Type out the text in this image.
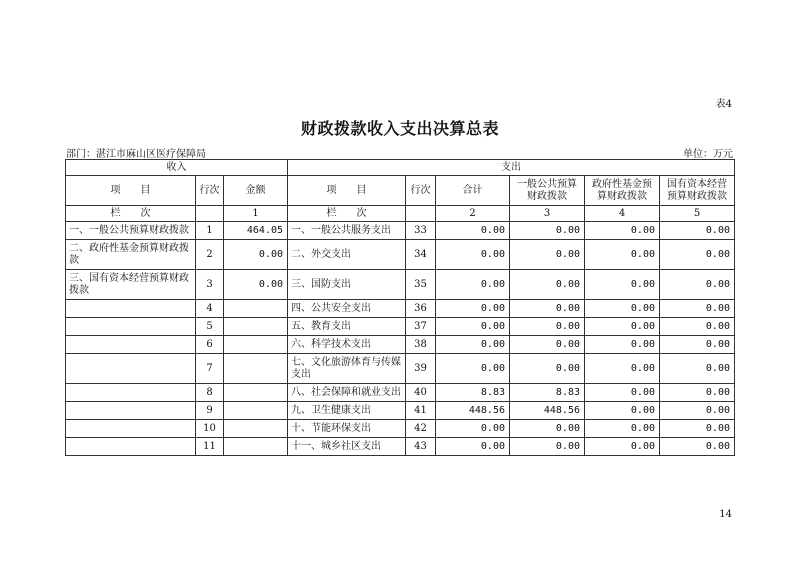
表4
财政拨款收入支出决算总表
部门：湛江市麻山区医疗保障局	单位：万元
收入			支出					
项　　目	行次	金额	项　　目	行次	合计	一般公共预算财政拨款	政府性基金预算财政拨款	国有资本经营预算财政拨款
栏　　次		1	栏　　次		2	3	4	5
一、一般公共预算财政拨款	1	464.05	一、一般公共服务支出	33	0.00	0.00	0.00	0.00
二、政府性基金预算财政拨款	2	0.00	二、外交支出	34	0.00	0.00	0.00	0.00
三、国有资本经营预算财政拨款	3	0.00	三、国防支出	35	0.00	0.00	0.00	0.00
	4		四、公共安全支出	36	0.00	0.00	0.00	0.00
	5		五、教育支出	37	0.00	0.00	0.00	0.00
	6		六、科学技术支出	38	0.00	0.00	0.00	0.00
	7		七、文化旅游体育与传媒支出	39	0.00	0.00	0.00	0.00
	8		八、社会保障和就业支出	40	8.83	8.83	0.00	0.00
	9		九、卫生健康支出	41	448.56	448.56	0.00	0.00
	10		十、节能环保支出	42	0.00	0.00	0.00	0.00
	11		十一、城乡社区支出	43	0.00	0.00	0.00	0.00
14
